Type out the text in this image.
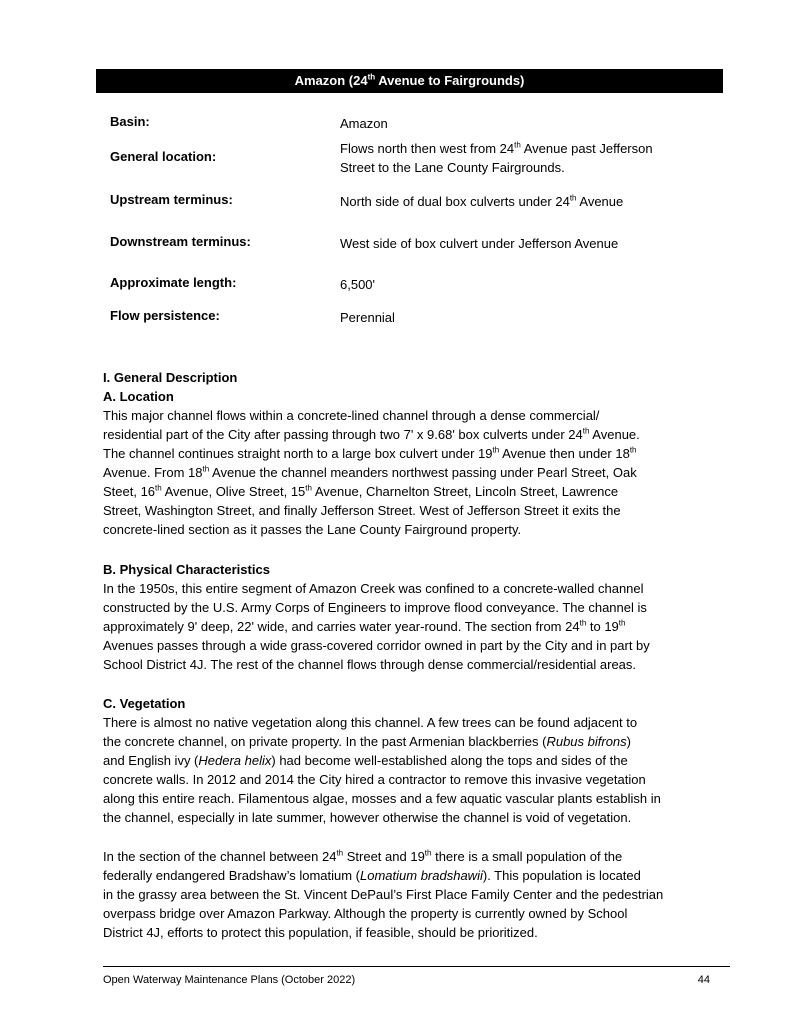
Amazon (24th Avenue to Fairgrounds)
Basin:	Amazon
General location:
Flows north then west from 24th Avenue past Jefferson
Street to the Lane County Fairgrounds.
Upstream terminus:	North side of dual box culverts under 24th Avenue
Downstream terminus:	West side of box culvert under Jefferson Avenue
Approximate length:	6,500'
Flow persistence:	Perennial
I. General Description
A. Location
This major channel flows within a concrete-lined channel through a dense commercial/
residential part of the City after passing through two 7' x 9.68' box culverts under 24th Avenue.
The channel continues straight north to a large box culvert under 19th Avenue then under 18th
Avenue. From 18th Avenue the channel meanders northwest passing under Pearl Street, Oak
Steet, 16th Avenue, Olive Street, 15th Avenue, Charnelton Street, Lincoln Street, Lawrence
Street, Washington Street, and finally Jefferson Street. West of Jefferson Street it exits the
concrete-lined section as it passes the Lane County Fairground property.
B. Physical Characteristics
In the 1950s, this entire segment of Amazon Creek was confined to a concrete-walled channel
constructed by the U.S. Army Corps of Engineers to improve flood conveyance. The channel is
approximately 9' deep, 22' wide, and carries water year-round. The section from 24th to 19th
Avenues passes through a wide grass-covered corridor owned in part by the City and in part by
School District 4J. The rest of the channel flows through dense commercial/residential areas.
C. Vegetation
There is almost no native vegetation along this channel. A few trees can be found adjacent to
the concrete channel, on private property. In the past Armenian blackberries (Rubus bifrons)
and English ivy (Hedera helix) had become well-established along the tops and sides of the
concrete walls. In 2012 and 2014 the City hired a contractor to remove this invasive vegetation
along this entire reach. Filamentous algae, mosses and a few aquatic vascular plants establish in
the channel, especially in late summer, however otherwise the channel is void of vegetation.
In the section of the channel between 24th Street and 19th there is a small population of the
federally endangered Bradshaw’s lomatium (Lomatium bradshawii). This population is located
in the grassy area between the St. Vincent DePaul’s First Place Family Center and the pedestrian
overpass bridge over Amazon Parkway. Although the property is currently owned by School
District 4J, efforts to protect this population, if feasible, should be prioritized.
Open Waterway Maintenance Plans (October 2022)	44
